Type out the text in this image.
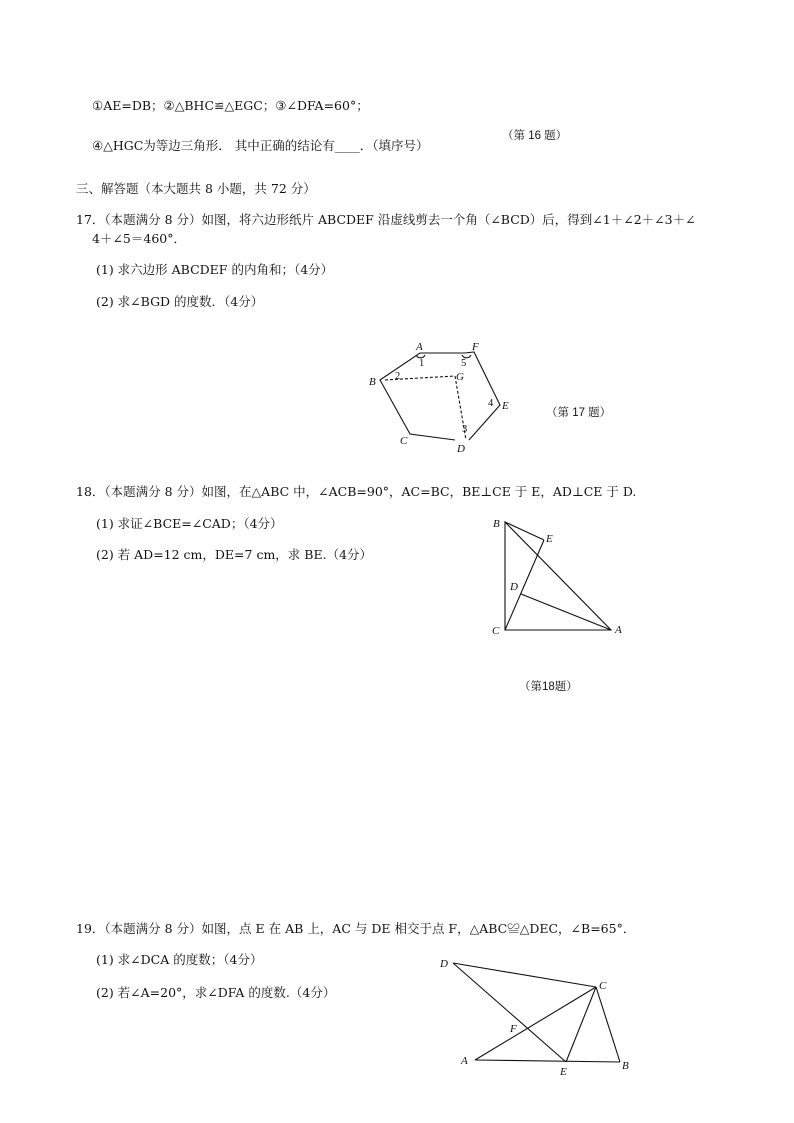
①AE=DB；②△BHC≌△EGC；③∠DFA=60°；
④△HGC为等边三角形． 其中正确的结论有____．（填序号）
（第 16 题）
三、解答题（本大题共 8 小题，共 72 分）
17．（本题满分 8 分）如图，将六边形纸片 ABCDEF 沿虚线剪去一个角（∠BCD）后，得到∠1＋∠2＋∠3＋∠
4＋∠5＝460°．
(1) 求六边形 ABCDEF 的内角和；（4分）
(2) 求∠BGD 的度数．（4分）
A	F
B	G
E
C
D
1
2
3
4
5
（第 17 题）
18．（本题满分 8 分）如图，在△ABC 中，∠ACB=90°，AC=BC，BE⊥CE 于 E，AD⊥CE 于 D.
(1) 求证∠BCE=∠CAD；（4分）
(2) 若 AD=12 cm，DE=7 cm，求 BE.（4分）
B
E
D
C	A
（第18题）
19．（本题满分 8 分）如图，点 E 在 AB 上，AC 与 DE 相交于点 F，△ABC≌△DEC，∠B=65°．
(1) 求∠DCA 的度数；（4分）
(2) 若∠A=20°，求∠DFA 的度数.（4分）
D
C
F
A
E	B
